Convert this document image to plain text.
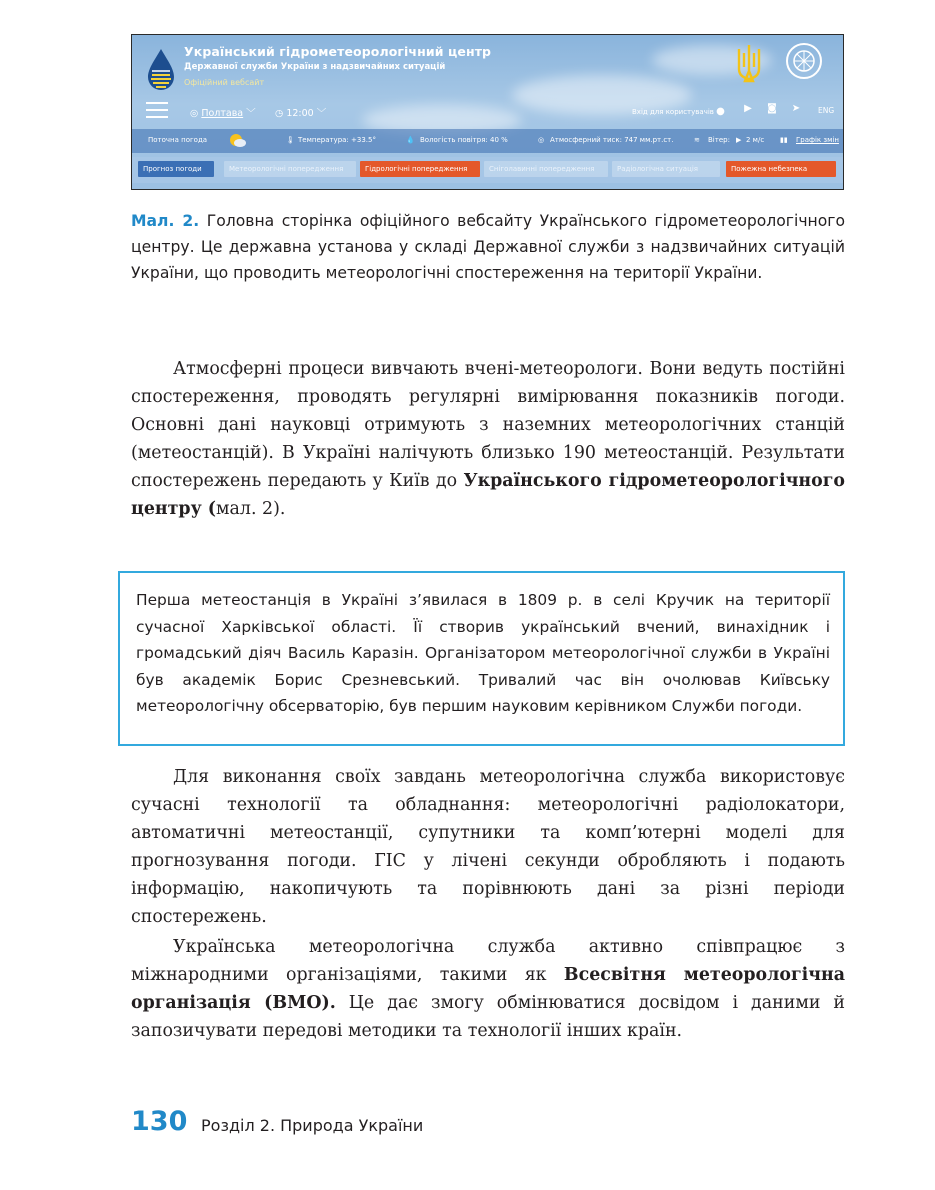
Український гідрометеорологічний центр
Державної служби України з надзвичайних ситуацій
Офіційний вебсайт
◎ Полтава ﹀ ◷ 12:00 ﹀	Вхід для користувачів ● ▶ ◙ ➤ ENG
Поточна погода	🌡 Температура: +33.5°	💧 Вологість повітря: 40 %	◎ Атмосферний тиск: 747 мм.рт.ст.	≋ Вітер: ▶ 2 м/с ▮▮ Графік змін
Прогноз погоди	Метеорологічні попередження	Гідрологічні попередження	Сніголавинні попередження	Радіологічна ситуація	Пожежна небезпека
Мал. 2. Головна сторінка офіційного вебсайту Українського гідрометеорологічного центру. Це державна установа у складі Державної служби з надзвичайних ситуацій України, що проводить метеорологічні спостереження на території України.

Атмосферні процеси вивчають вчені-метеорологи. Вони ведуть постійні спостереження, проводять регулярні вимірювання показників погоди. Основні дані науковці отримують з наземних метеорологічних станцій (метеостанцій). В Україні налічують близько 190 метеостанцій. Результати спостережень передають у Київ до Українського гідрометеорологічного центру (мал. 2).

Перша метеостанція в Україні з’явилася в 1809 р. в селі Кручик на території сучасної Харківської області. Її створив український вчений, винахідник і громадський діяч Василь Каразін. Організатором метеорологічної служби в Україні був академік Борис Срезневський. Тривалий час він очолював Київську метеорологічну обсерваторію, був першим науковим керівником Служби погоди.

Для виконання своїх завдань метеорологічна служба використовує сучасні технології та обладнання: метеорологічні радіолокатори, автоматичні метеостанції, супутники та комп’ютерні моделі для прогнозування погоди. ГІС у лічені секунди обробляють і подають інформацію, накопичують та порівнюють дані за різні періоди спостережень.

Українська метеорологічна служба активно співпрацює з міжнародними організаціями, такими як Всесвітня метеорологічна організація (ВМО). Це дає змогу обмінюватися досвідом і даними й запозичувати передові методики та технології інших країн.

130 Розділ 2. Природа України
